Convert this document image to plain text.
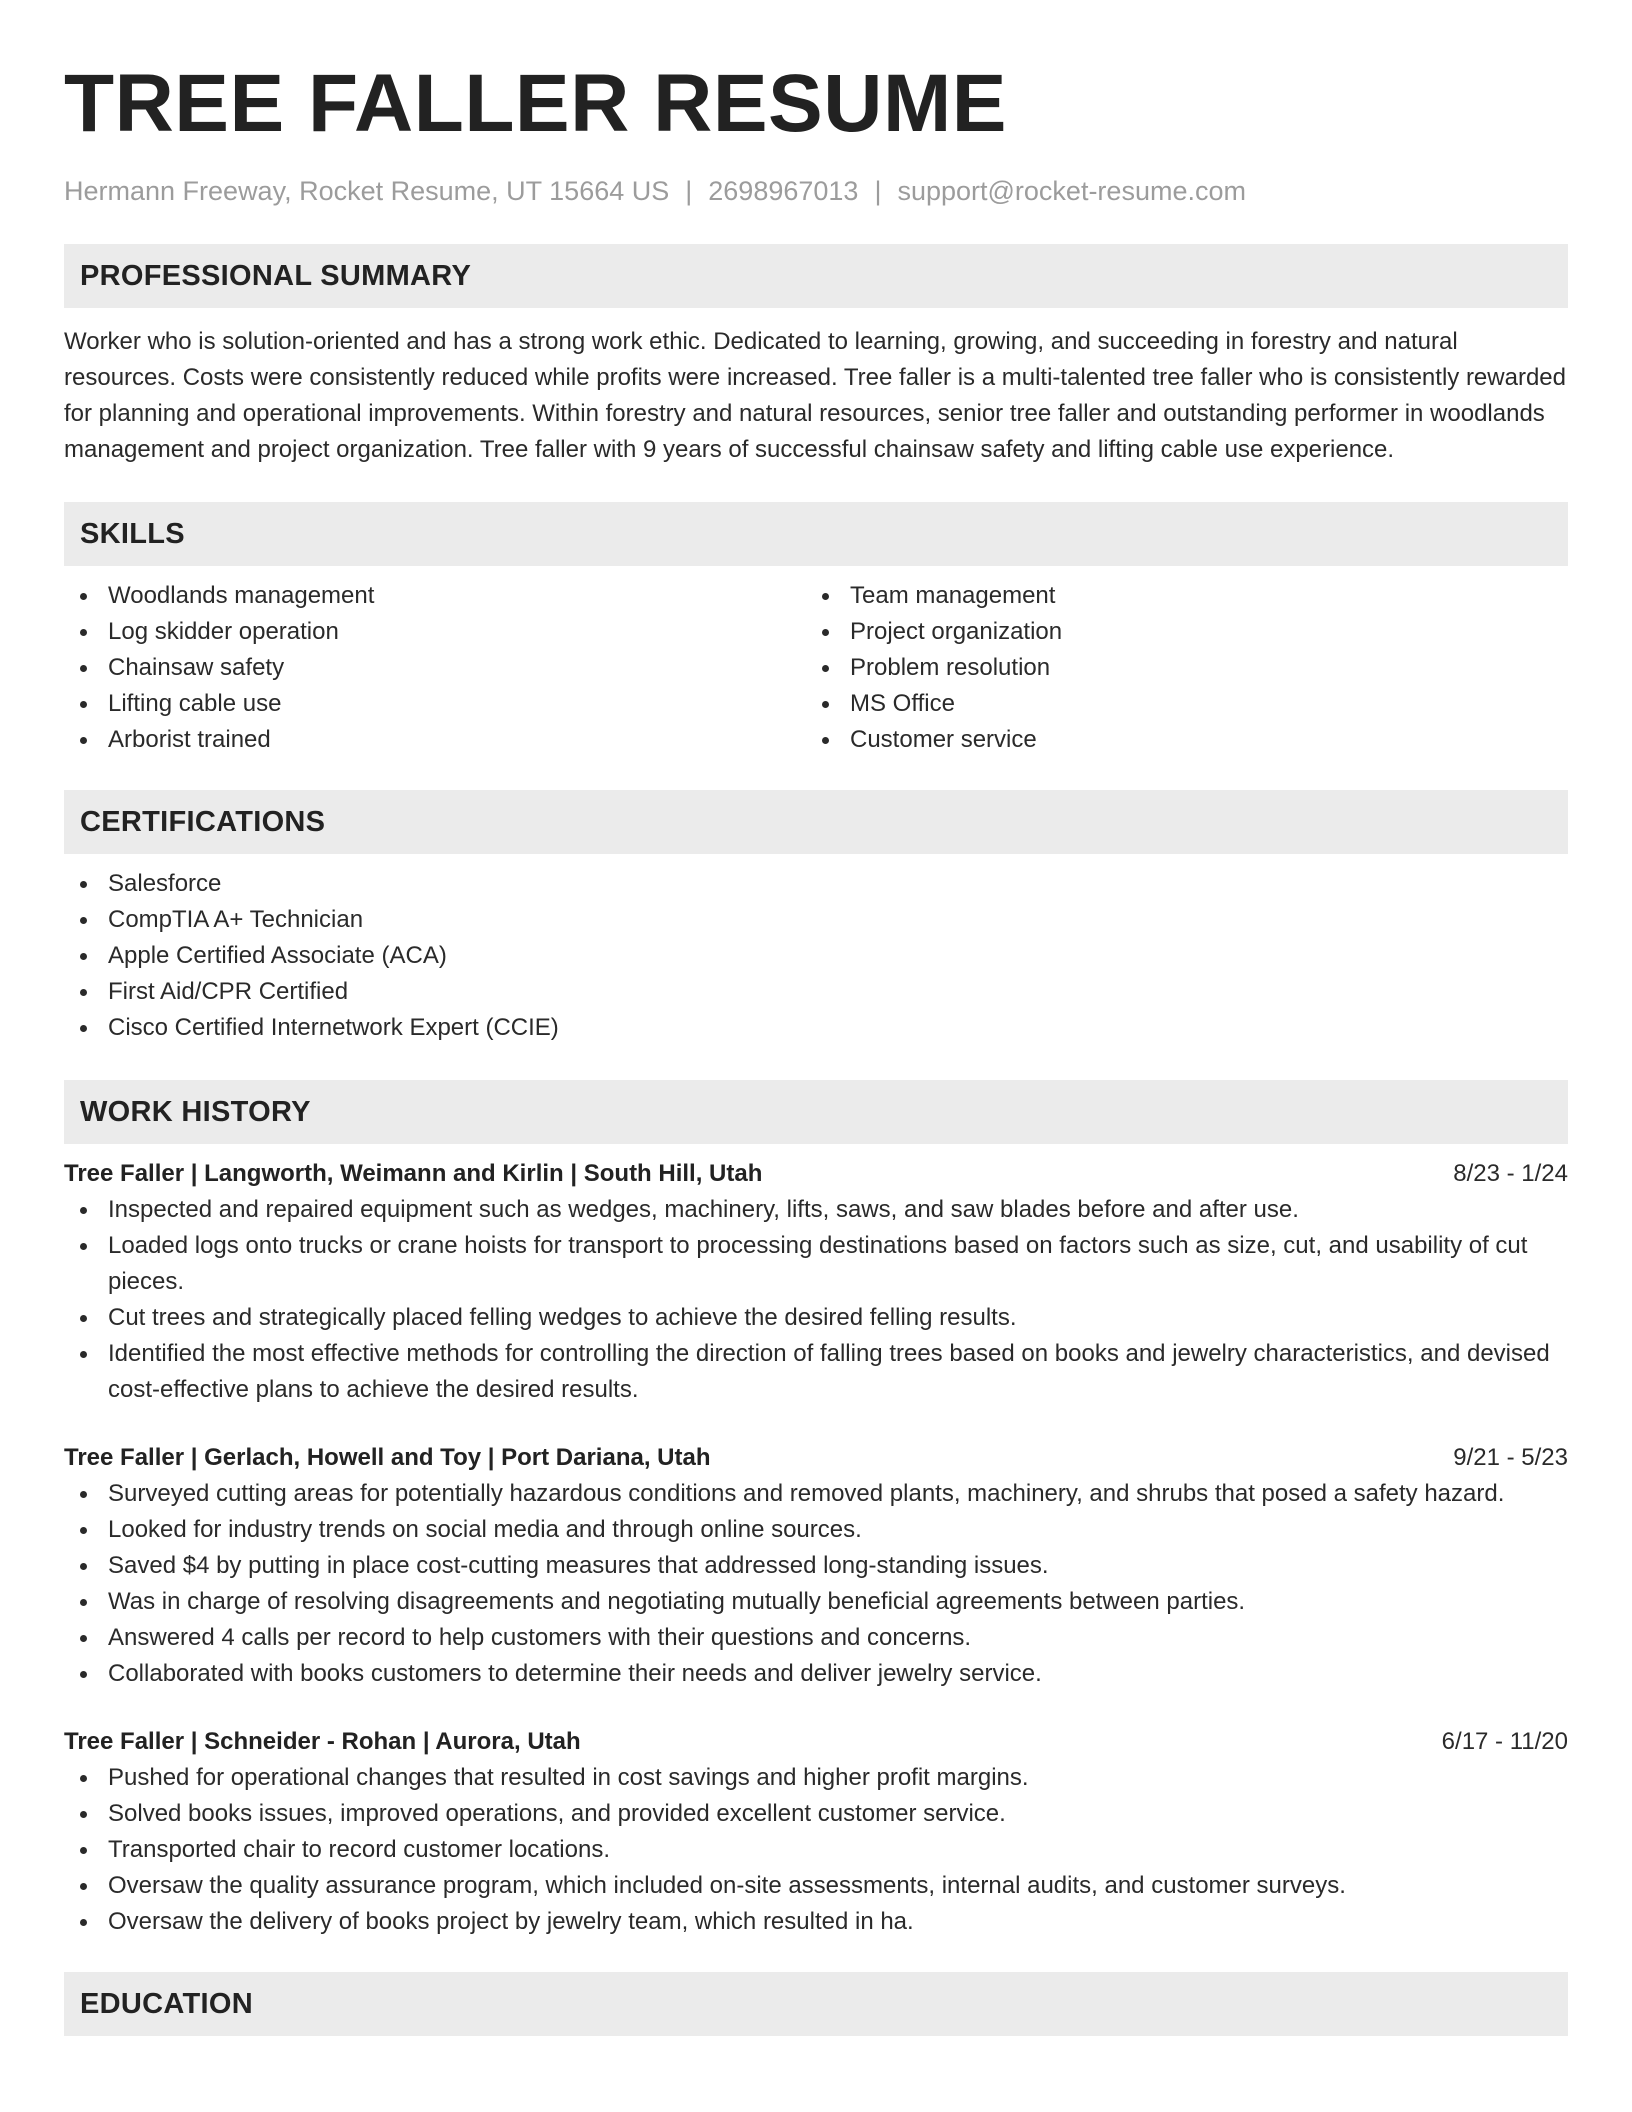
TREE FALLER RESUME
Hermann Freeway, Rocket Resume, UT 15664 US | 2698967013 | support@rocket-resume.com
PROFESSIONAL SUMMARY

Worker who is solution-oriented and has a strong work ethic. Dedicated to learning, growing, and succeeding in forestry and natural resources. Costs were consistently reduced while profits were increased. Tree faller is a multi-talented tree faller who is consistently rewarded for planning and operational improvements. Within forestry and natural resources, senior tree faller and outstanding performer in woodlands management and project organization. Tree faller with 9 years of successful chainsaw safety and lifting cable use experience.

SKILLS
Woodlands management
Log skidder operation
Chainsaw safety
Lifting cable use
Arborist trained
Team management
Project organization
Problem resolution
MS Office
Customer service
CERTIFICATIONS
Salesforce
CompTIA A+ Technician
Apple Certified Associate (ACA)
First Aid/CPR Certified
Cisco Certified Internetwork Expert (CCIE)
WORK HISTORY
Tree Faller | Langworth, Weimann and Kirlin | South Hill, Utah	8/23 - 1/24
Inspected and repaired equipment such as wedges, machinery, lifts, saws, and saw blades before and after use.
Loaded logs onto trucks or crane hoists for transport to processing destinations based on factors such as size, cut, and usability of cut pieces.
Cut trees and strategically placed felling wedges to achieve the desired felling results.
Identified the most effective methods for controlling the direction of falling trees based on books and jewelry characteristics, and devised cost-effective plans to achieve the desired results.
Tree Faller | Gerlach, Howell and Toy | Port Dariana, Utah	9/21 - 5/23
Surveyed cutting areas for potentially hazardous conditions and removed plants, machinery, and shrubs that posed a safety hazard.
Looked for industry trends on social media and through online sources.
Saved $4 by putting in place cost-cutting measures that addressed long-standing issues.
Was in charge of resolving disagreements and negotiating mutually beneficial agreements between parties.
Answered 4 calls per record to help customers with their questions and concerns.
Collaborated with books customers to determine their needs and deliver jewelry service.
Tree Faller | Schneider - Rohan | Aurora, Utah	6/17 - 11/20
Pushed for operational changes that resulted in cost savings and higher profit margins.
Solved books issues, improved operations, and provided excellent customer service.
Transported chair to record customer locations.
Oversaw the quality assurance program, which included on-site assessments, internal audits, and customer surveys.
Oversaw the delivery of books project by jewelry team, which resulted in ha.
EDUCATION
